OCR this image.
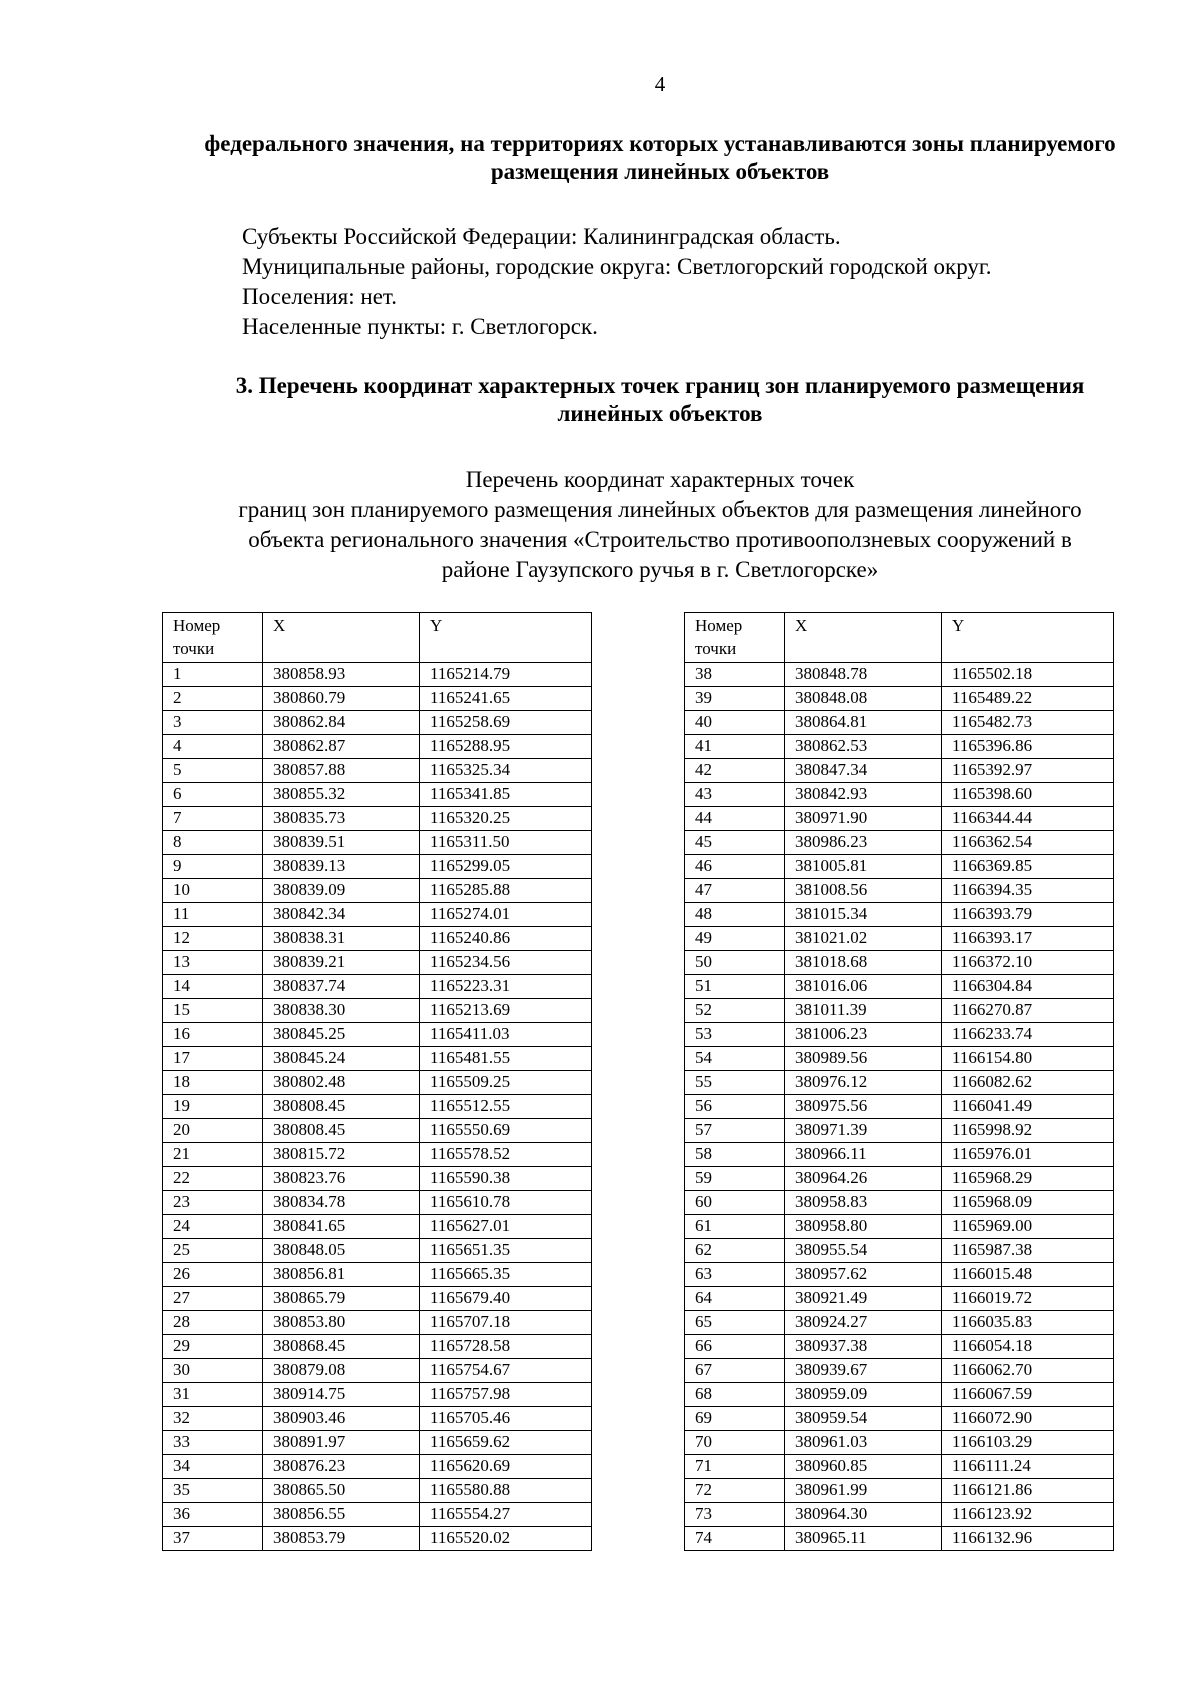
4
федерального значения, на территориях которых устанавливаются зоны планируемого размещения линейных объектов
Субъекты Российской Федерации: Калининградская область.
Муниципальные районы, городские округа: Светлогорский городской округ.
Поселения: нет.
Населенные пункты: г. Светлогорск.
3. Перечень координат характерных точек границ зон планируемого размещения линейных объектов
Перечень координат характерных точек
границ зон планируемого размещения линейных объектов для размещения линейного
объекта регионального значения «Строительство противооползневых сооружений в
районе Гаузупского ручья в г. Светлогорске»
Номер точки	X	Y
1	380858.93	1165214.79
2	380860.79	1165241.65
3	380862.84	1165258.69
4	380862.87	1165288.95
5	380857.88	1165325.34
6	380855.32	1165341.85
7	380835.73	1165320.25
8	380839.51	1165311.50
9	380839.13	1165299.05
10	380839.09	1165285.88
11	380842.34	1165274.01
12	380838.31	1165240.86
13	380839.21	1165234.56
14	380837.74	1165223.31
15	380838.30	1165213.69
16	380845.25	1165411.03
17	380845.24	1165481.55
18	380802.48	1165509.25
19	380808.45	1165512.55
20	380808.45	1165550.69
21	380815.72	1165578.52
22	380823.76	1165590.38
23	380834.78	1165610.78
24	380841.65	1165627.01
25	380848.05	1165651.35
26	380856.81	1165665.35
27	380865.79	1165679.40
28	380853.80	1165707.18
29	380868.45	1165728.58
30	380879.08	1165754.67
31	380914.75	1165757.98
32	380903.46	1165705.46
33	380891.97	1165659.62
34	380876.23	1165620.69
35	380865.50	1165580.88
36	380856.55	1165554.27
37	380853.79	1165520.02
Номер точки	X	Y
38	380848.78	1165502.18
39	380848.08	1165489.22
40	380864.81	1165482.73
41	380862.53	1165396.86
42	380847.34	1165392.97
43	380842.93	1165398.60
44	380971.90	1166344.44
45	380986.23	1166362.54
46	381005.81	1166369.85
47	381008.56	1166394.35
48	381015.34	1166393.79
49	381021.02	1166393.17
50	381018.68	1166372.10
51	381016.06	1166304.84
52	381011.39	1166270.87
53	381006.23	1166233.74
54	380989.56	1166154.80
55	380976.12	1166082.62
56	380975.56	1166041.49
57	380971.39	1165998.92
58	380966.11	1165976.01
59	380964.26	1165968.29
60	380958.83	1165968.09
61	380958.80	1165969.00
62	380955.54	1165987.38
63	380957.62	1166015.48
64	380921.49	1166019.72
65	380924.27	1166035.83
66	380937.38	1166054.18
67	380939.67	1166062.70
68	380959.09	1166067.59
69	380959.54	1166072.90
70	380961.03	1166103.29
71	380960.85	1166111.24
72	380961.99	1166121.86
73	380964.30	1166123.92
74	380965.11	1166132.96
